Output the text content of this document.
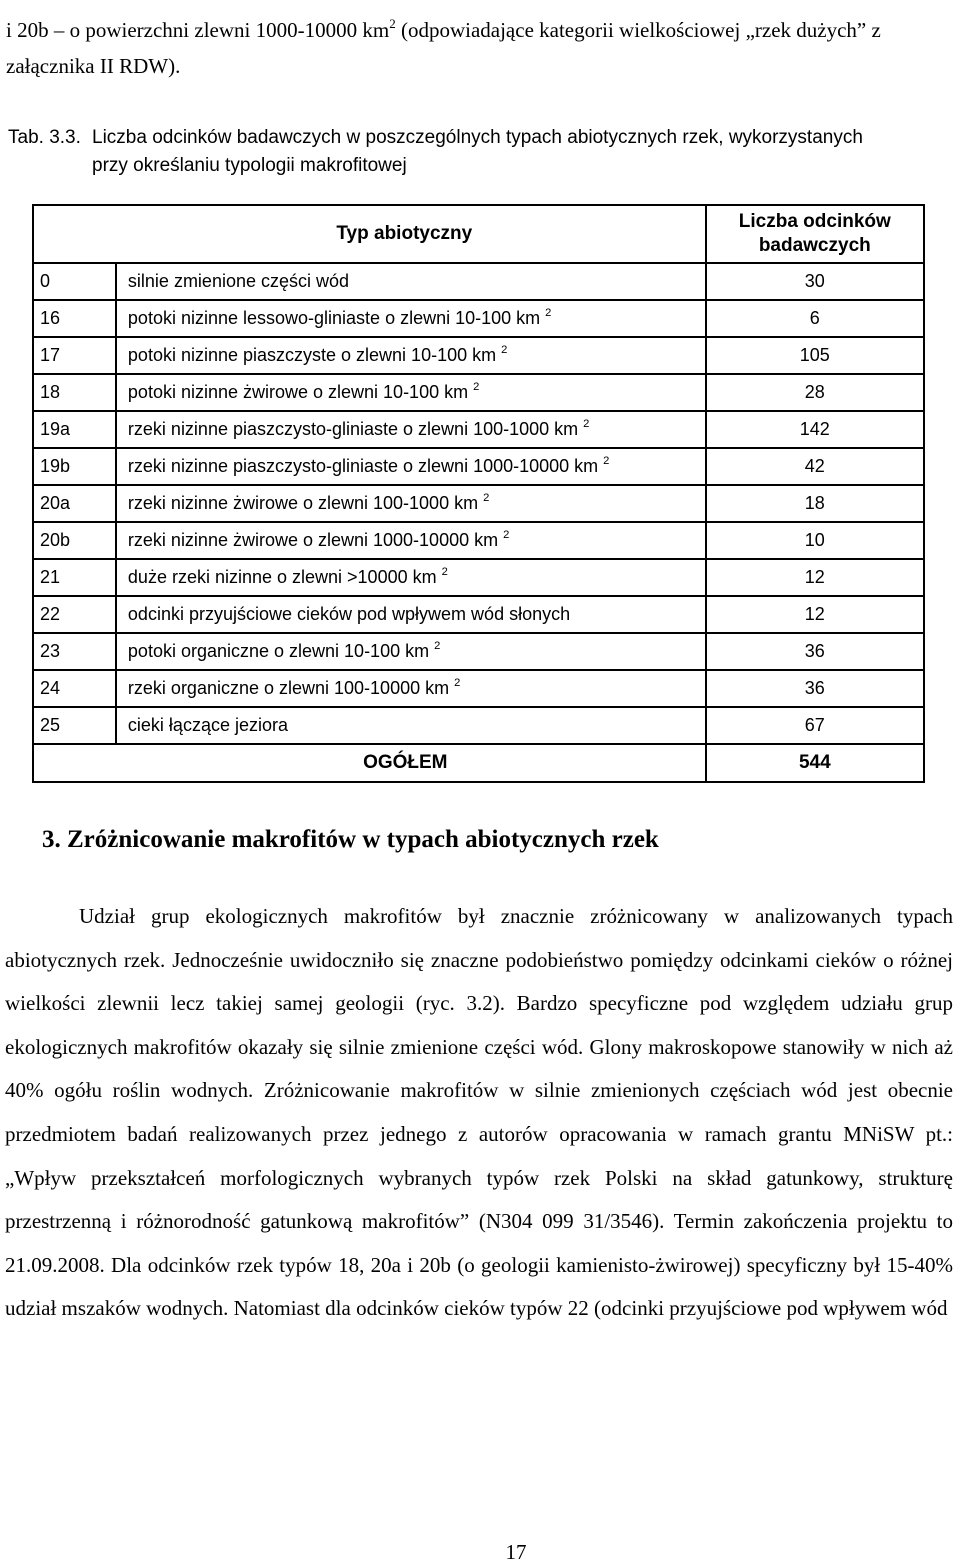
i 20b – o powierzchni zlewni 1000-10000 $km^2$ (odpowiadające kategorii wielkościowej „rzek dużych” z załącznika II RDW).
Tab. 3.3. Liczba odcinków badawczych w poszczególnych typach abiotycznych rzek, wykorzystanych
przy określaniu typologii makrofitowej
Typ abiotyczny		Liczba odcinków
badawczych

0	silnie zmienione części wód	30
16	potoki nizinne lessowo-gliniaste o zlewni 10-100 km $^2$	6
17	potoki nizinne piaszczyste o zlewni 10-100 km $^2$	105
18	potoki nizinne żwirowe o zlewni 10-100 km $^2$	28
19a	rzeki nizinne piaszczysto-gliniaste o zlewni 100-1000 km $^2$	142
19b	rzeki nizinne piaszczysto-gliniaste o zlewni 1000-10000 km $^2$	42
20a	rzeki nizinne żwirowe o zlewni 100-1000 km $^2$	18
20b	rzeki nizinne żwirowe o zlewni 1000-10000 km $^2$	10
21	duże rzeki nizinne o zlewni >10000 km $^2$	12
22	odcinki przyujściowe cieków pod wpływem wód słonych	12
23	potoki organiczne o zlewni 10-100 km $^2$	36
24	rzeki organiczne o zlewni 100-10000 km $^2$	36
25	cieki łączące jeziora	67
OGÓŁEM		544
3. Zróżnicowanie makrofitów w typach abiotycznych rzek

Udział grup ekologicznych makrofitów był znacznie zróżnicowany w analizowanych typach abiotycznych rzek. Jednocześnie uwidoczniło się znaczne podobieństwo pomiędzy odcinkami cieków o różnej wielkości zlewnii lecz takiej samej geologii (ryc. 3.2). Bardzo specyficzne pod względem udziału grup ekologicznych makrofitów okazały się silnie zmienione części wód. Glony makroskopowe stanowiły w nich aż 40% ogółu roślin wodnych. Zróżnicowanie makrofitów w silnie zmienionych częściach wód jest obecnie przedmiotem badań realizowanych przez jednego z autorów opracowania w ramach grantu MNiSW pt.: „Wpływ przekształceń morfologicznych wybranych typów rzek Polski na skład gatunkowy, strukturę przestrzenną i różnorodność gatunkową makrofitów” (N304 099 31/3546). Termin zakończenia projektu to 21.09.2008. Dla odcinków rzek typów 18, 20a i 20b (o geologii kamienisto-żwirowej) specyficzny był 15-40% udział mszaków wodnych. Natomiast dla odcinków cieków typów 22 (odcinki przyujściowe pod wpływem wód

17
